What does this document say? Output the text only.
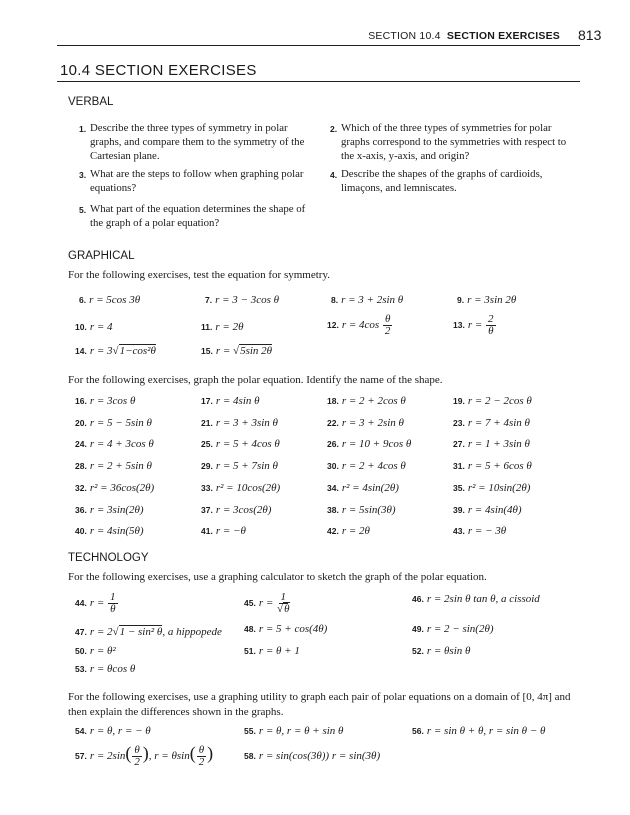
SECTION 10.4 SECTION EXERCISES 813
10.4 SECTION EXERCISES
VERBAL
1. Describe the three types of symmetry in polar graphs, and compare them to the symmetry of the Cartesian plane.
2. Which of the three types of symmetries for polar graphs correspond to the symmetries with respect to the x-axis, y-axis, and origin?
3. What are the steps to follow when graphing polar equations?
4. Describe the shapes of the graphs of cardioids, limaçons, and lemniscates.
5. What part of the equation determines the shape of the graph of a polar equation?
GRAPHICAL
For the following exercises, test the equation for symmetry.
6. r = 5cos 3θ	7. r = 3 − 3cos θ	8. r = 3 + 2sin θ	9. r = 3sin 2θ
10. r = 4	11. r = 2θ	12. $r = 4\cos \frac{\theta}{2}$	13. $r = \frac{2}{\theta}$
14. r = 3√1−cos²θ	15. r = √5sin 2θ
For the following exercises, graph the polar equation. Identify the name of the shape.
16. r = 3cos θ	17. r = 4sin θ	18. r = 2 + 2cos θ	19. r = 2 − 2cos θ
20. r = 5 − 5sin θ	21. r = 3 + 3sin θ	22. r = 3 + 2sin θ	23. r = 7 + 4sin θ
24. r = 4 + 3cos θ	25. r = 5 + 4cos θ	26. r = 10 + 9cos θ	27. r = 1 + 3sin θ
28. r = 2 + 5sin θ	29. r = 5 + 7sin θ	30. r = 2 + 4cos θ	31. r = 5 + 6cos θ
32. r² = 36cos(2θ)	33. r² = 10cos(2θ)	34. r² = 4sin(2θ)	35. r² = 10sin(2θ)
36. r = 3sin(2θ)	37. r = 3cos(2θ)	38. r = 5sin(3θ)	39. r = 4sin(4θ)
40. r = 4sin(5θ)	41. r = −θ	42. r = 2θ	43. r = − 3θ
TECHNOLOGY
For the following exercises, use a graphing calculator to sketch the graph of the polar equation.
44. $r = \frac{1}{\theta}$	45. $r = \frac{1}{√\theta}$	46. r = 2sin θ tan θ, a cissoid
47. r = 2√1 − sin² θ, a hippopede	48. r = 5 + cos(4θ)	49. r = 2 − sin(2θ)
50. r = θ²	51. r = θ + 1	52. r = θsin θ
53. r = θcos θ
For the following exercises, use a graphing utility to graph each pair of polar equations on a domain of [0, 4π] and then explain the differences shown in the graphs.
54. r = θ, r = − θ	55. r = θ, r = θ + sin θ	56. r = sin θ + θ, r = sin θ − θ
57. $r = 2\sin( \frac{\theta}{2}$ ), $r = \theta\sin( \frac{\theta}{2}$ )	58. r = sin(cos(3θ)) r = sin(3θ)
